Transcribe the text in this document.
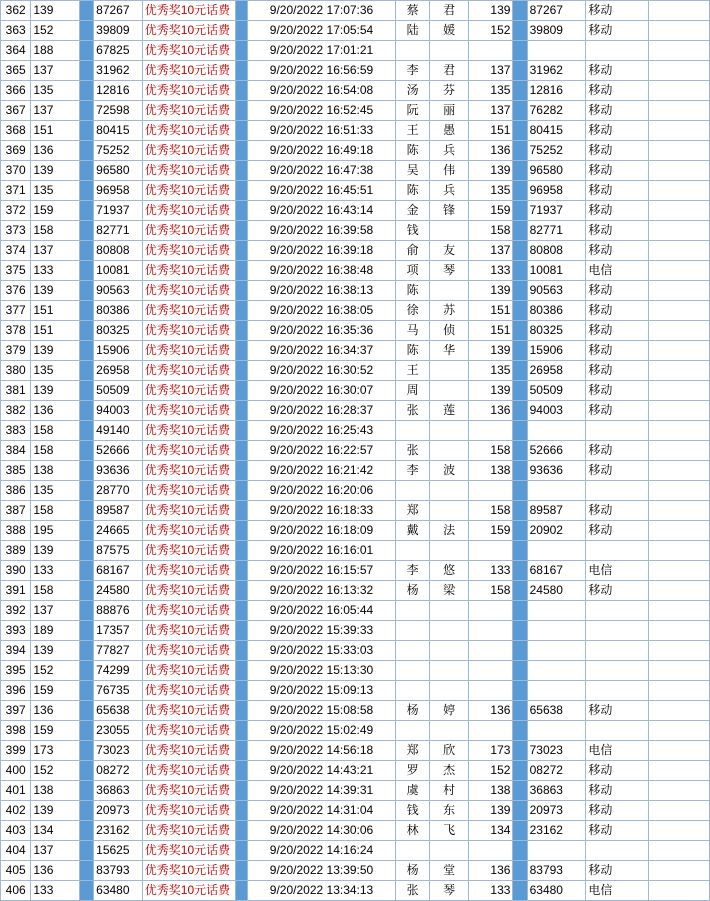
362	139		87267	优秀奖10元话费		9/20/2022 17:07:36	蔡	君	139		87267	移动	
363	152		39809	优秀奖10元话费		9/20/2022 17:05:54	陆	媛	152		39809	移动	
364	188		67825	优秀奖10元话费		9/20/2022 17:01:21							
365	137		31962	优秀奖10元话费		9/20/2022 16:56:59	李	君	137		31962	移动	
366	135		12816	优秀奖10元话费		9/20/2022 16:54:08	汤	芬	135		12816	移动	
367	137		72598	优秀奖10元话费		9/20/2022 16:52:45	阮	丽	137		76282	移动	
368	151		80415	优秀奖10元话费		9/20/2022 16:51:33	王	愚	151		80415	移动	
369	136		75252	优秀奖10元话费		9/20/2022 16:49:18	陈	兵	136		75252	移动	
370	139		96580	优秀奖10元话费		9/20/2022 16:47:38	吴	伟	139		96580	移动	
371	135		96958	优秀奖10元话费		9/20/2022 16:45:51	陈	兵	135		96958	移动	
372	159		71937	优秀奖10元话费		9/20/2022 16:43:14	金	锋	159		71937	移动	
373	158		82771	优秀奖10元话费		9/20/2022 16:39:58	钱		158		82771	移动	
374	137		80808	优秀奖10元话费		9/20/2022 16:39:18	俞	友	137		80808	移动	
375	133		10081	优秀奖10元话费		9/20/2022 16:38:48	项	琴	133		10081	电信	
376	139		90563	优秀奖10元话费		9/20/2022 16:38:13	陈		139		90563	移动	
377	151		80386	优秀奖10元话费		9/20/2022 16:38:05	徐	苏	151		80386	移动	
378	151		80325	优秀奖10元话费		9/20/2022 16:35:36	马	侦	151		80325	移动	
379	139		15906	优秀奖10元话费		9/20/2022 16:34:37	陈	华	139		15906	移动	
380	135		26958	优秀奖10元话费		9/20/2022 16:30:52	王		135		26958	移动	
381	139		50509	优秀奖10元话费		9/20/2022 16:30:07	周		139		50509	移动	
382	136		94003	优秀奖10元话费		9/20/2022 16:28:37	张	莲	136		94003	移动	
383	158		49140	优秀奖10元话费		9/20/2022 16:25:43							
384	158		52666	优秀奖10元话费		9/20/2022 16:22:57	张		158		52666	移动	
385	138		93636	优秀奖10元话费		9/20/2022 16:21:42	李	波	138		93636	移动	
386	135		28770	优秀奖10元话费		9/20/2022 16:20:06							
387	158		89587	优秀奖10元话费		9/20/2022 16:18:33	郑		158		89587	移动	
388	195		24665	优秀奖10元话费		9/20/2022 16:18:09	戴	法	159		20902	移动	
389	139		87575	优秀奖10元话费		9/20/2022 16:16:01							
390	133		68167	优秀奖10元话费		9/20/2022 16:15:57	李	悠	133		68167	电信	
391	158		24580	优秀奖10元话费		9/20/2022 16:13:32	杨	梁	158		24580	移动	
392	137		88876	优秀奖10元话费		9/20/2022 16:05:44							
393	189		17357	优秀奖10元话费		9/20/2022 15:39:33							
394	139		77827	优秀奖10元话费		9/20/2022 15:33:03							
395	152		74299	优秀奖10元话费		9/20/2022 15:13:30							
396	159		76735	优秀奖10元话费		9/20/2022 15:09:13							
397	136		65638	优秀奖10元话费		9/20/2022 15:08:58	杨	婷	136		65638	移动	
398	159		23055	优秀奖10元话费		9/20/2022 15:02:49							
399	173		73023	优秀奖10元话费		9/20/2022 14:56:18	郑	欣	173		73023	电信	
400	152		08272	优秀奖10元话费		9/20/2022 14:43:21	罗	杰	152		08272	移动	
401	138		36863	优秀奖10元话费		9/20/2022 14:39:31	虞	村	138		36863	移动	
402	139		20973	优秀奖10元话费		9/20/2022 14:31:04	钱	东	139		20973	移动	
403	134		23162	优秀奖10元话费		9/20/2022 14:30:06	林	飞	134		23162	移动	
404	137		15625	优秀奖10元话费		9/20/2022 14:16:24							
405	136		83793	优秀奖10元话费		9/20/2022 13:39:50	杨	堂	136		83793	移动	
406	133		63480	优秀奖10元话费		9/20/2022 13:34:13	张	琴	133		63480	电信	
